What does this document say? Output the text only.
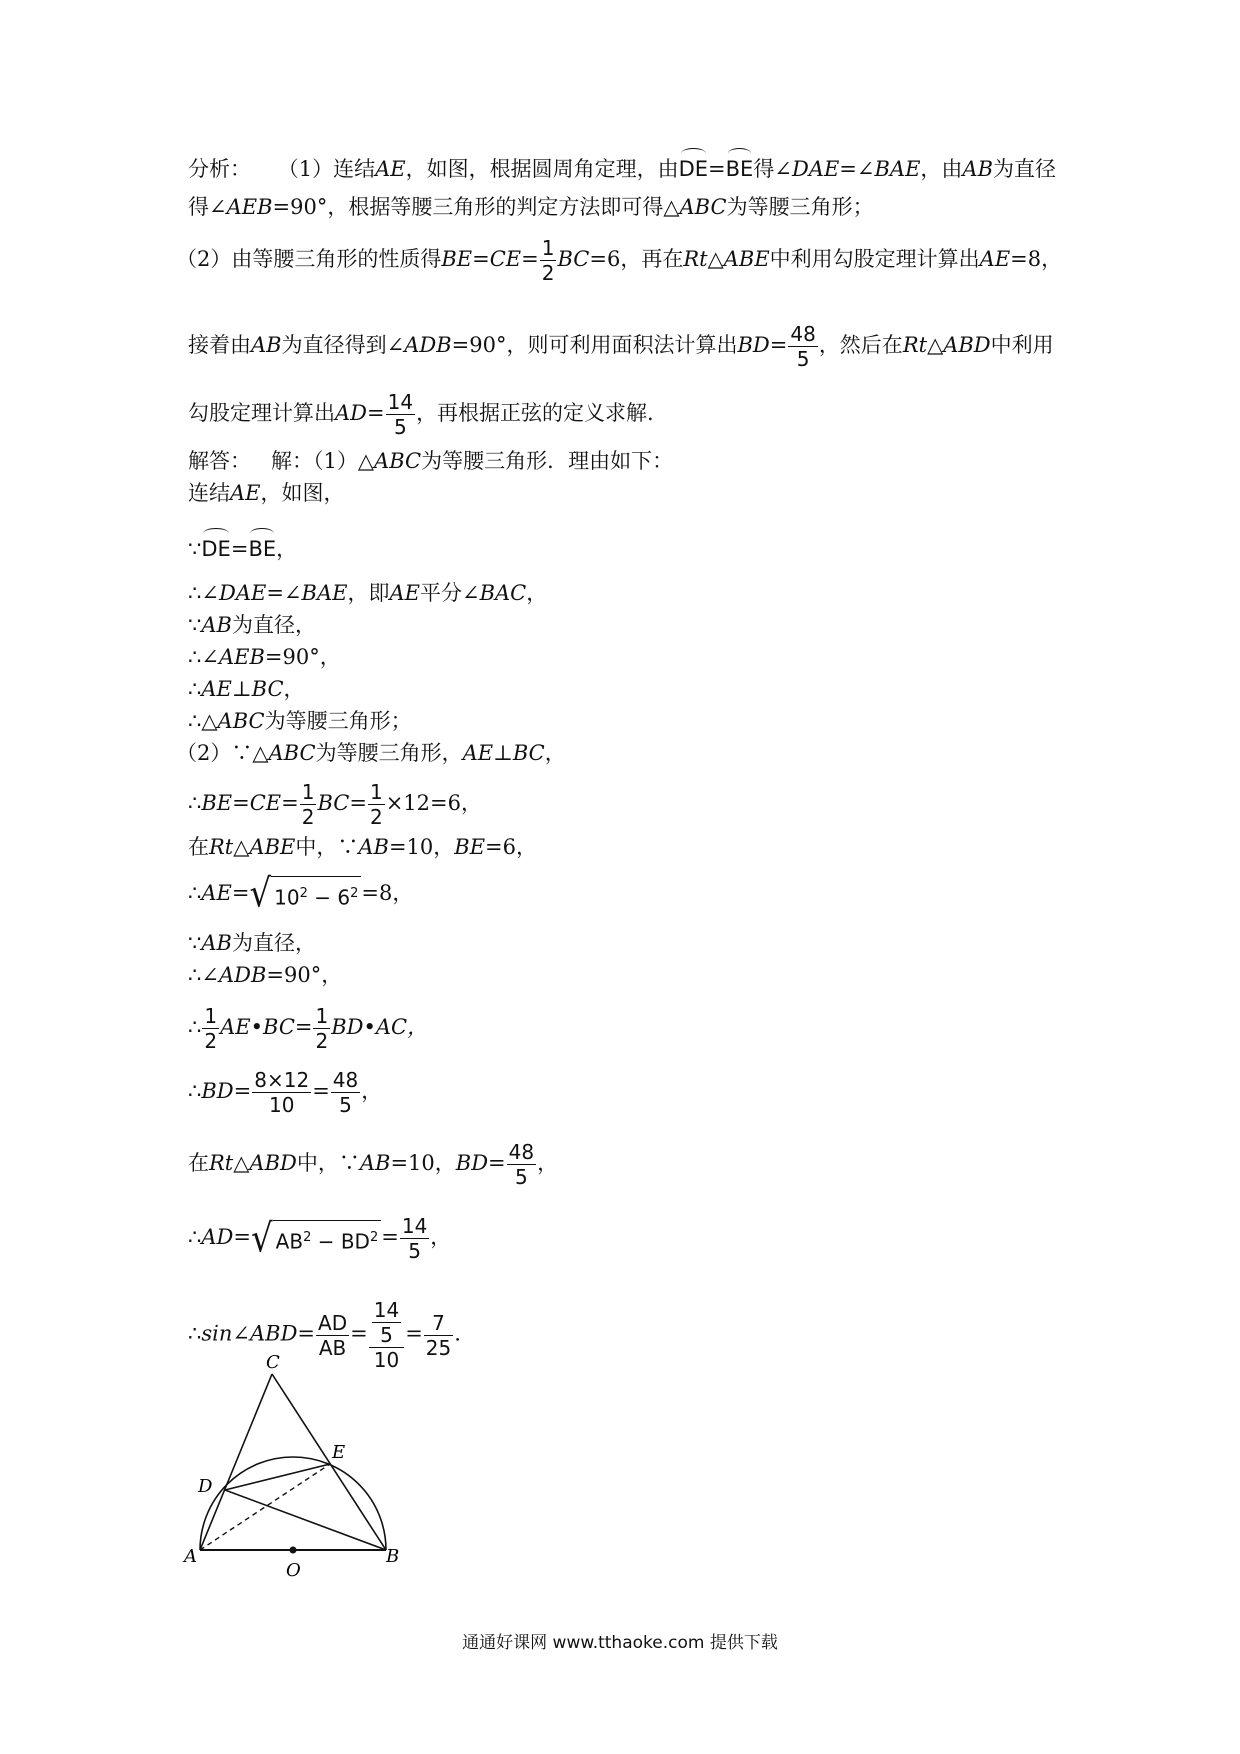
分析： （1）连结AE，如图，根据圆周角定理，由DE=BE得∠DAE=∠BAE，由AB为直径
得∠AEB=90°，根据等腰三角形的判定方法即可得△ABC为等腰三角形；
（2）由等腰三角形的性质得$BE=CE= \frac{1}{2} BC=6$，再在Rt△ABE中利用勾股定理计算出AE=8，
接着由AB为直径得到∠ADB=90°，则可利用面积法计算出$BD= \frac{48}{5}$ ，然后在Rt△ABD中利用
勾股定理计算出$AD= \frac{14}{5}$ ，再根据正弦的定义求解.
解答： 解：（1）△ABC为等腰三角形．理由如下：
连结AE，如图，
∵DE=BE，
∴∠DAE=∠BAE，即AE平分∠BAC，
∵AB为直径，
∴∠AEB=90°，
∴AE⊥BC，
∴△ABC为等腰三角形；
（2）∵△ABC为等腰三角形，AE⊥BC，
∴BE=CE= $\frac{1}{2} BC= \frac{1}{2} \times 12=6$，
在Rt△ABE中，∵AB=10，BE=6，
∴AE=√ $10^2 - 6^2 =8$，
∵AB为直径，
∴∠ADB=90°，
∴ $\frac{1}{2}$ AE•BC= $\frac{1}{2}$ BD•AC，
∴BD= $\frac{8\times 12}{10} = \frac{48}{5}$ ，
在Rt△ABD中，∵AB=10，$BD= \frac{48}{5}$ ，
∴AD=√ $AB^2 - BD^2 = \frac{14}{5}$ ，
∴sin∠ABD= $\frac{AD}{AB} = \frac{\frac{14}{5}}{10} = \frac{7}{25}$ .
C
E
D
A
O
B
通通好课网 www.tthaoke.com 提供下载
